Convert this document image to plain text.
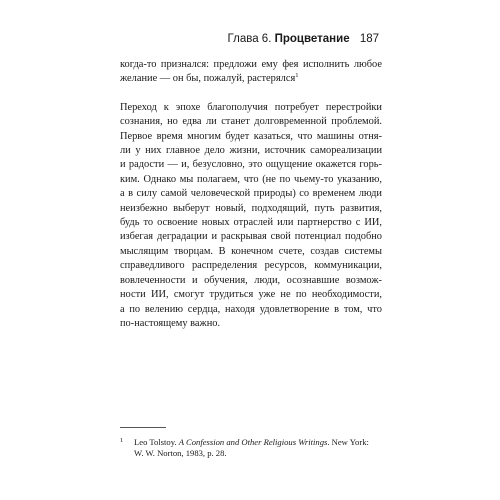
Глава 6. Процветание 187
когда-то признался: предложи ему фея исполнить любое
желание — он бы, пожалуй, растерялся$^1$
Переход к эпохе благополучия потребует перестройки
сознания, но едва ли станет долговременной проблемой.
Первое время многим будет казаться, что машины отня-
ли у них главное дело жизни, источник самореализации
и радости — и, безусловно, это ощущение окажется горь-
ким. Однако мы полагаем, что (не по чьему-то указанию,
а в силу самой человеческой природы) со временем люди
неизбежно выберут новый, подходящий, путь развития,
будь то освоение новых отраслей или партнерство с ИИ,
избегая деградации и раскрывая свой потенциал подобно
мыслящим творцам. В конечном счете, создав системы
справедливого распределения ресурсов, коммуникации,
вовлеченности и обучения, люди, осознавшие возмож-
ности ИИ, смогут трудиться уже не по необходимости,
а по велению сердца, находя удовлетворение в том, что
по-настоящему важно.
1 Leo Tolstoy. A Confession and Other Religious Writings. New York:
W. W. Norton, 1983, p. 28.
